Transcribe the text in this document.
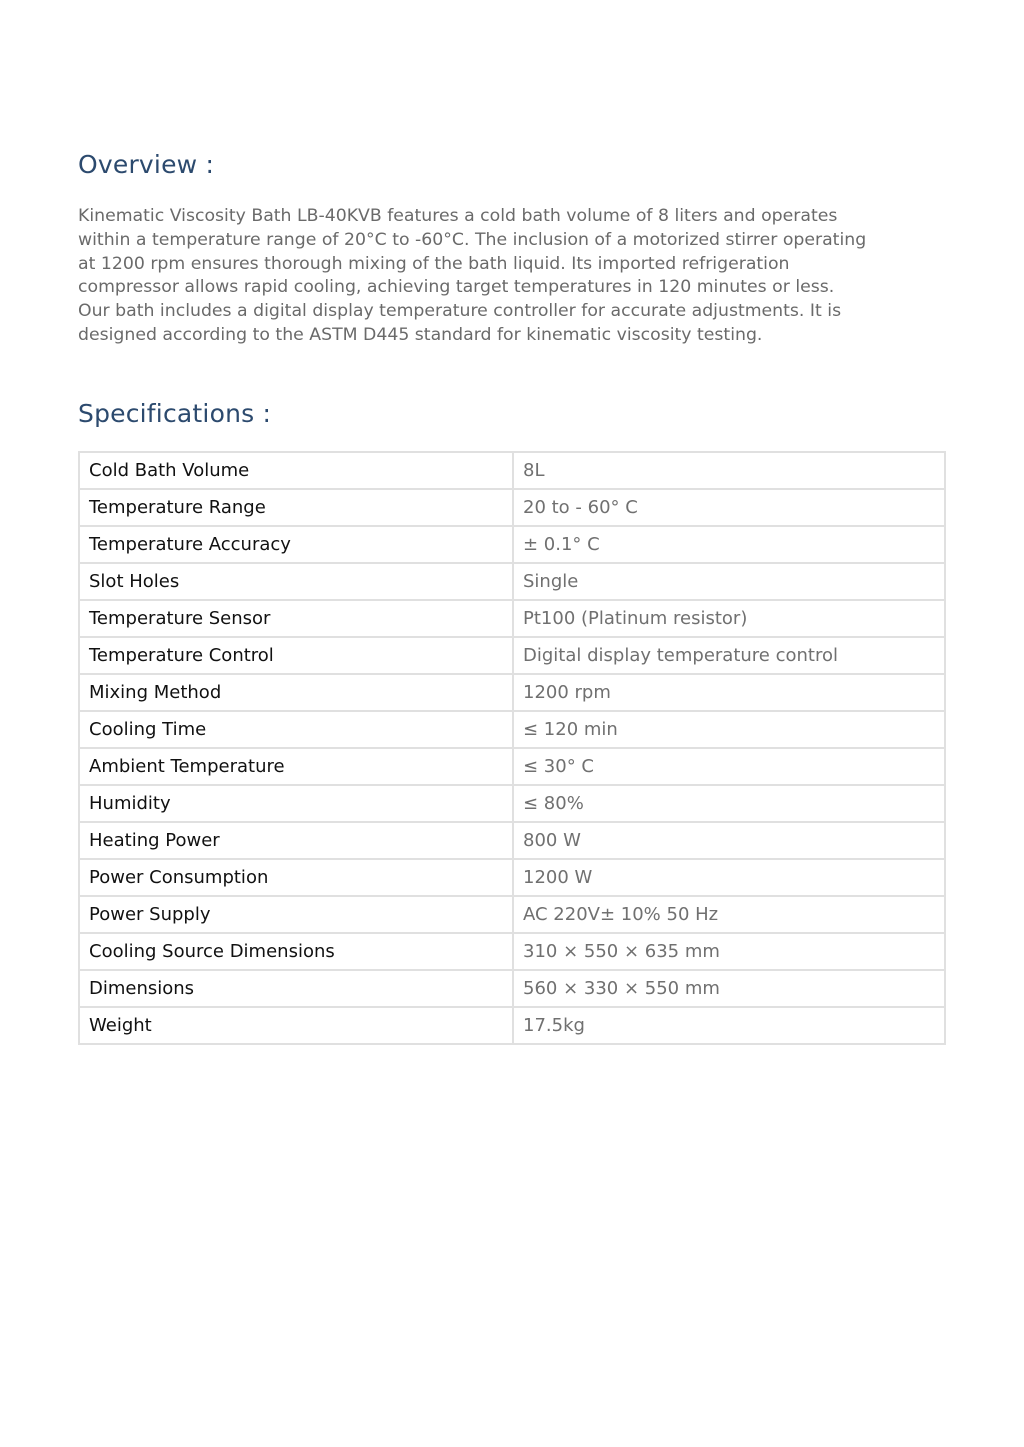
Overview :

Kinematic Viscosity Bath LB-40KVB features a cold bath volume of 8 liters and operates
within a temperature range of 20°C to -60°C. The inclusion of a motorized stirrer operating
at 1200 rpm ensures thorough mixing of the bath liquid. Its imported refrigeration
compressor allows rapid cooling, achieving target temperatures in 120 minutes or less.
Our bath includes a digital display temperature controller for accurate adjustments. It is
designed according to the ASTM D445 standard for kinematic viscosity testing.

Specifications :
Cold Bath Volume	8L
Temperature Range	20 to - 60° C
Temperature Accuracy	± 0.1° C
Slot Holes	Single
Temperature Sensor	Pt100 (Platinum resistor)
Temperature Control	Digital display temperature control
Mixing Method	1200 rpm
Cooling Time	≤ 120 min
Ambient Temperature	≤ 30° C
Humidity	≤ 80%
Heating Power	800 W
Power Consumption	1200 W
Power Supply	AC 220V± 10% 50 Hz
Cooling Source Dimensions	310 × 550 × 635 mm
Dimensions	560 × 330 × 550 mm
Weight	17.5kg
